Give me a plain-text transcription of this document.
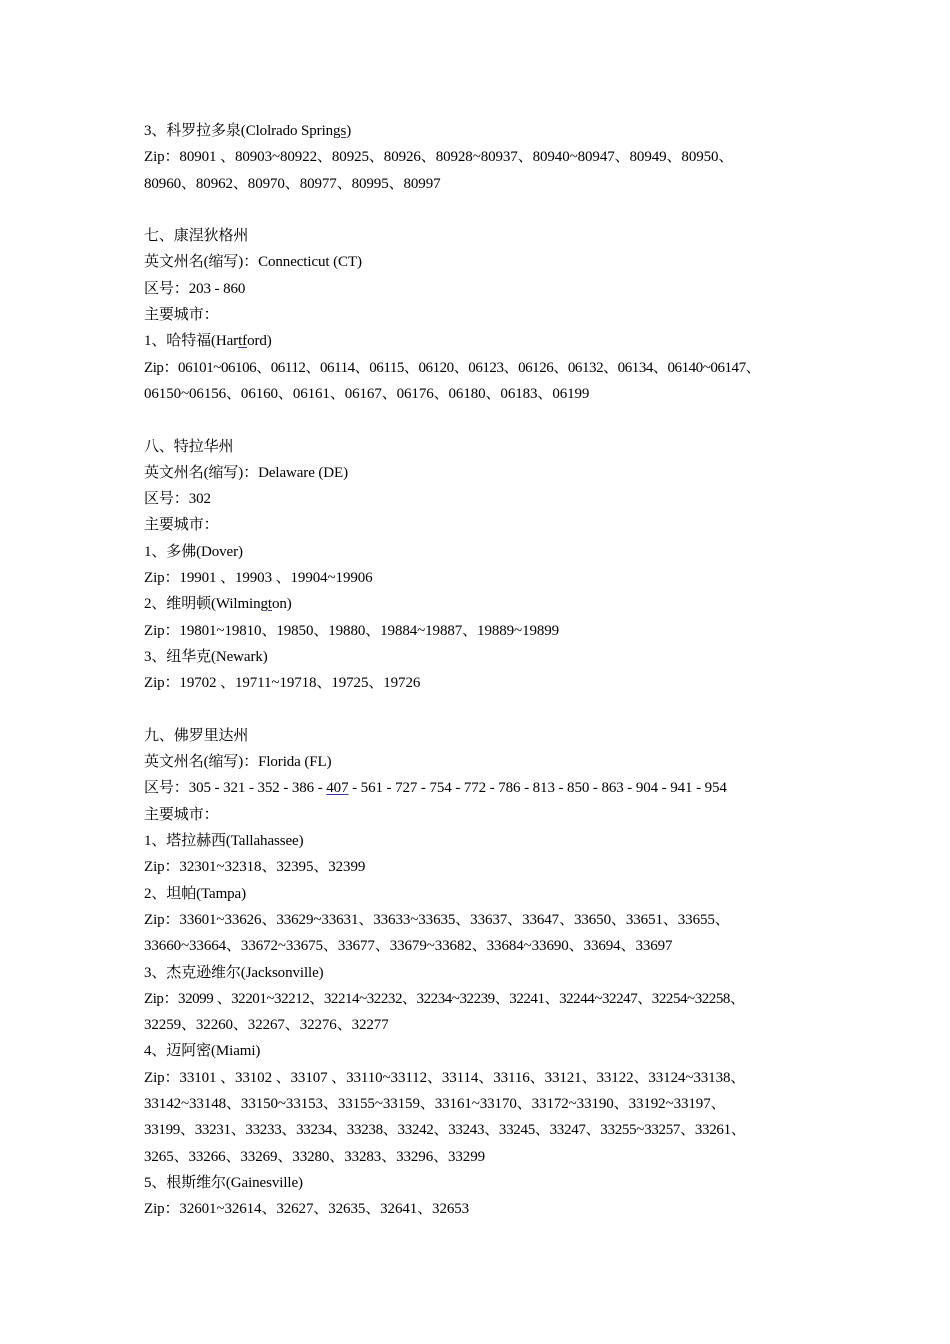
3、科罗拉多泉(Clolrado Springs)
Zip：80901 、80903~80922、80925、80926、80928~80937、80940~80947、80949、80950、
80960、80962、80970、80977、80995、80997
七、康涅狄格州
英文州名(缩写)：Connecticut (CT)
区号：203 - 860
主要城市：
1、哈特福(Hartford)
Zip：06101~06106、06112、06114、06115、06120、06123、06126、06132、06134、06140~06147、
06150~06156、06160、06161、06167、06176、06180、06183、06199
八、特拉华州
英文州名(缩写)：Delaware (DE)
区号：302
主要城市：
1、多佛(Dover)
Zip：19901 、19903 、19904~19906
2、维明顿(Wilmington)
Zip：19801~19810、19850、19880、19884~19887、19889~19899
3、纽华克(Newark)
Zip：19702 、19711~19718、19725、19726
九、佛罗里达州
英文州名(缩写)：Florida (FL)
区号：305 - 321 - 352 - 386 - 407 - 561 - 727 - 754 - 772 - 786 - 813 - 850 - 863 - 904 - 941 - 954
主要城市：
1、塔拉赫西(Tallahassee)
Zip：32301~32318、32395、32399
2、坦帕(Tampa)
Zip：33601~33626、33629~33631、33633~33635、33637、33647、33650、33651、33655、
33660~33664、33672~33675、33677、33679~33682、33684~33690、33694、33697
3、杰克逊维尔(Jacksonville)
Zip：32099 、32201~32212、32214~32232、32234~32239、32241、32244~32247、32254~32258、
32259、32260、32267、32276、32277
4、迈阿密(Miami)
Zip：33101 、33102 、33107 、33110~33112、33114、33116、33121、33122、33124~33138、
33142~33148、33150~33153、33155~33159、33161~33170、33172~33190、33192~33197、
33199、33231、33233、33234、33238、33242、33243、33245、33247、33255~33257、33261、
3265、33266、33269、33280、33283、33296、33299
5、根斯维尔(Gainesville)
Zip：32601~32614、32627、32635、32641、32653
